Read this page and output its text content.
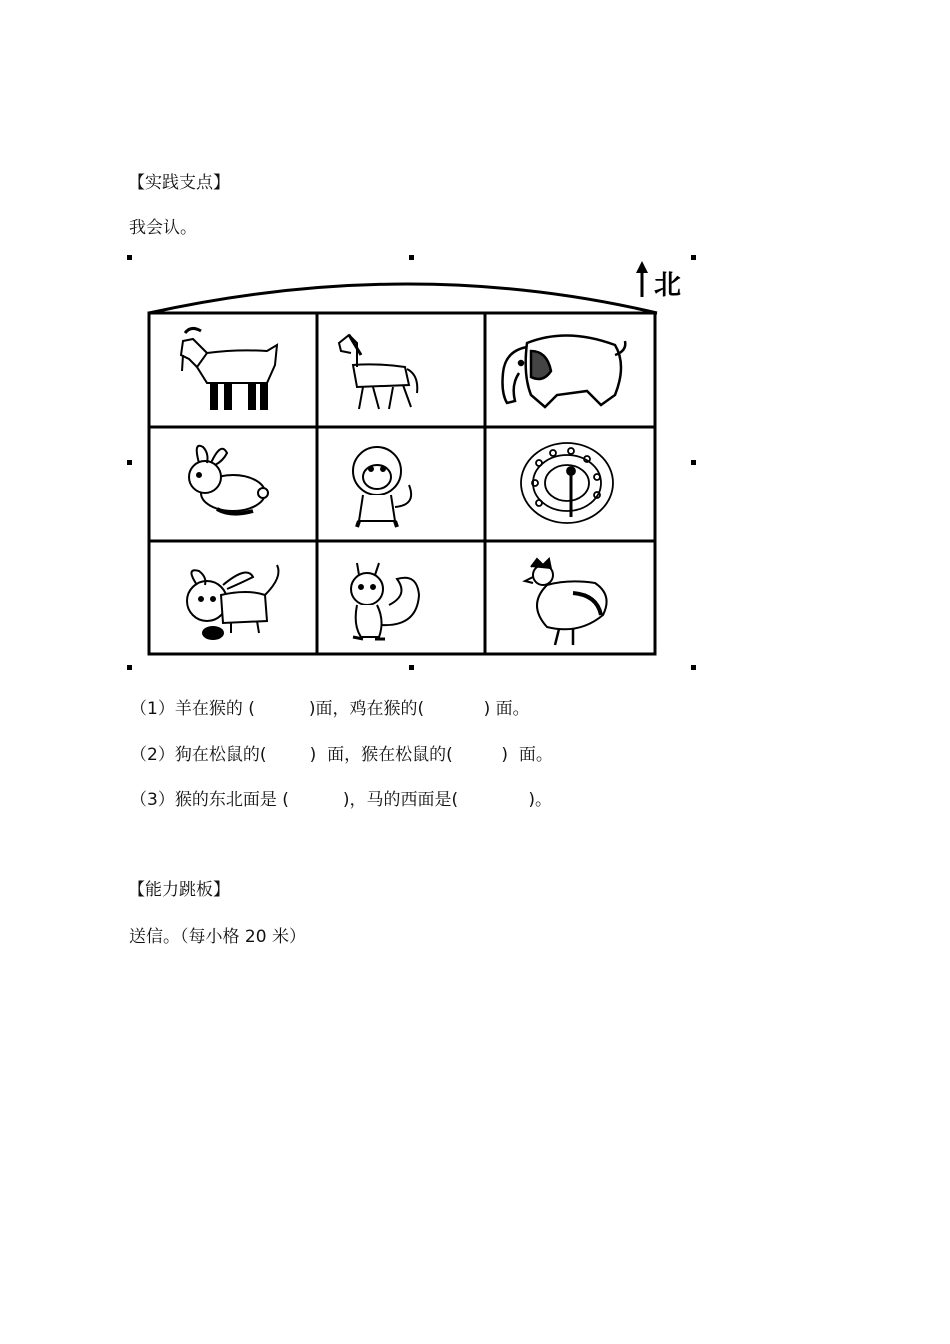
【实践支点】
我会认。
北
（1）羊在猴的 (          )面，鸡在猴的(           ) 面。
（2）狗在松鼠的(        )  面，猴在松鼠的(         )  面。
（3）猴的东北面是 (          )，马的西面是(             )。
【能力跳板】
送信。（每小格 20 米）
